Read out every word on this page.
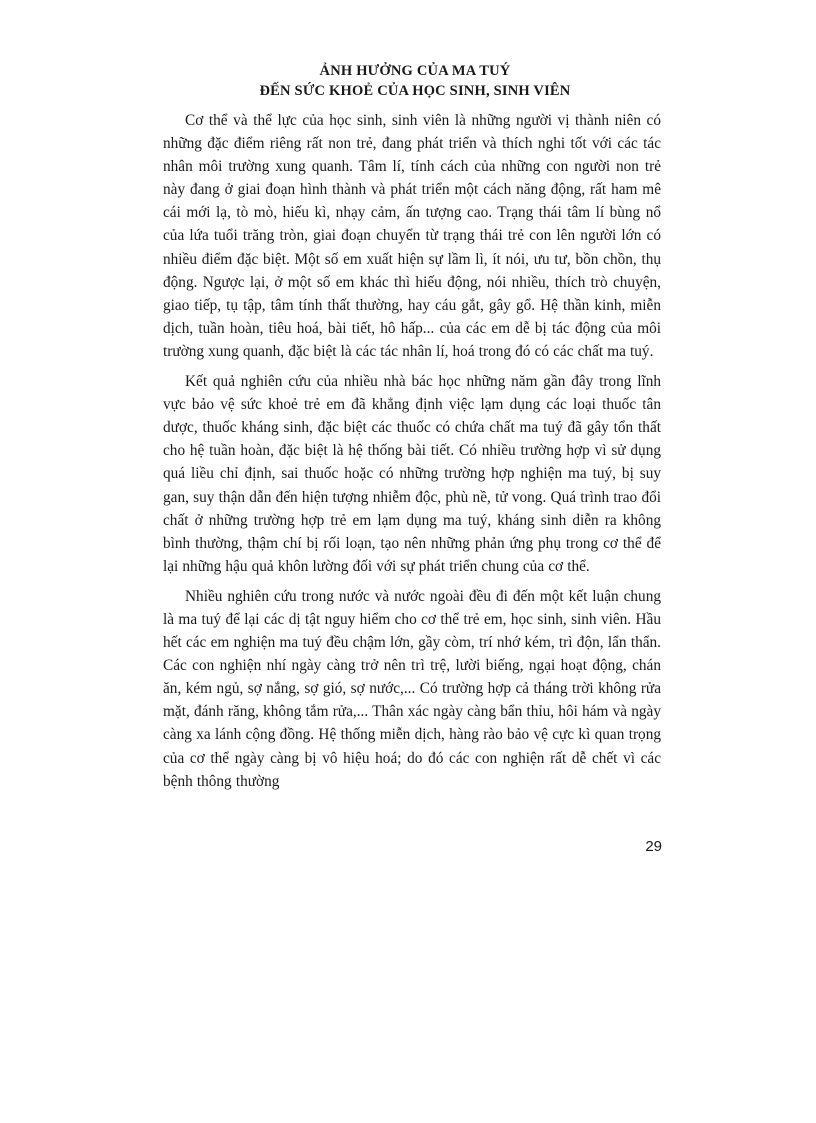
ẢNH HƯỞNG CỦA MA TUÝ
ĐẾN SỨC KHOẺ CỦA HỌC SINH, SINH VIÊN

Cơ thể và thể lực của học sinh, sinh viên là những người vị thành niên có những đặc điểm riêng rất non trẻ, đang phát triển và thích nghi tốt với các tác nhân môi trường xung quanh. Tâm lí, tính cách của những con người non trẻ này đang ở giai đoạn hình thành và phát triển một cách năng động, rất ham mê cái mới lạ, tò mò, hiếu kì, nhạy cảm, ấn tượng cao. Trạng thái tâm lí bùng nổ của lứa tuổi trăng tròn, giai đoạn chuyển từ trạng thái trẻ con lên người lớn có nhiều điểm đặc biệt. Một số em xuất hiện sự lầm lì, ít nói, ưu tư, bồn chồn, thụ động. Ngược lại, ở một số em khác thì hiếu động, nói nhiều, thích trò chuyện, giao tiếp, tụ tập, tâm tính thất thường, hay cáu gắt, gây gổ. Hệ thần kinh, miễn dịch, tuần hoàn, tiêu hoá, bài tiết, hô hấp... của các em dễ bị tác động của môi trường xung quanh, đặc biệt là các tác nhân lí, hoá trong đó có các chất ma tuý.

Kết quả nghiên cứu của nhiều nhà bác học những năm gần đây trong lĩnh vực bảo vệ sức khoẻ trẻ em đã khẳng định việc lạm dụng các loại thuốc tân dược, thuốc kháng sinh, đặc biệt các thuốc có chứa chất ma tuý đã gây tổn thất cho hệ tuần hoàn, đặc biệt là hệ thống bài tiết. Có nhiều trường hợp vì sử dụng quá liều chỉ định, sai thuốc hoặc có những trường hợp nghiện ma tuý, bị suy gan, suy thận dẫn đến hiện tượng nhiễm độc, phù nề, tử vong. Quá trình trao đổi chất ở những trường hợp trẻ em lạm dụng ma tuý, kháng sinh diễn ra không bình thường, thậm chí bị rối loạn, tạo nên những phản ứng phụ trong cơ thể để lại những hậu quả khôn lường đối với sự phát triển chung của cơ thể.

Nhiều nghiên cứu trong nước và nước ngoài đều đi đến một kết luận chung là ma tuý để lại các dị tật nguy hiểm cho cơ thể trẻ em, học sinh, sinh viên. Hầu hết các em nghiện ma tuý đều chậm lớn, gầy còm, trí nhớ kém, trì độn, lẩn thẩn. Các con nghiện nhí ngày càng trở nên trì trệ, lười biếng, ngại hoạt động, chán ăn, kém ngủ, sợ nắng, sợ gió, sợ nước,... Có trường hợp cả tháng trời không rửa mặt, đánh răng, không tắm rửa,... Thân xác ngày càng bẩn thỉu, hôi hám và ngày càng xa lánh cộng đồng. Hệ thống miễn dịch, hàng rào bảo vệ cực kì quan trọng của cơ thể ngày càng bị vô hiệu hoá; do đó các con nghiện rất dễ chết vì các bệnh thông thường

29
